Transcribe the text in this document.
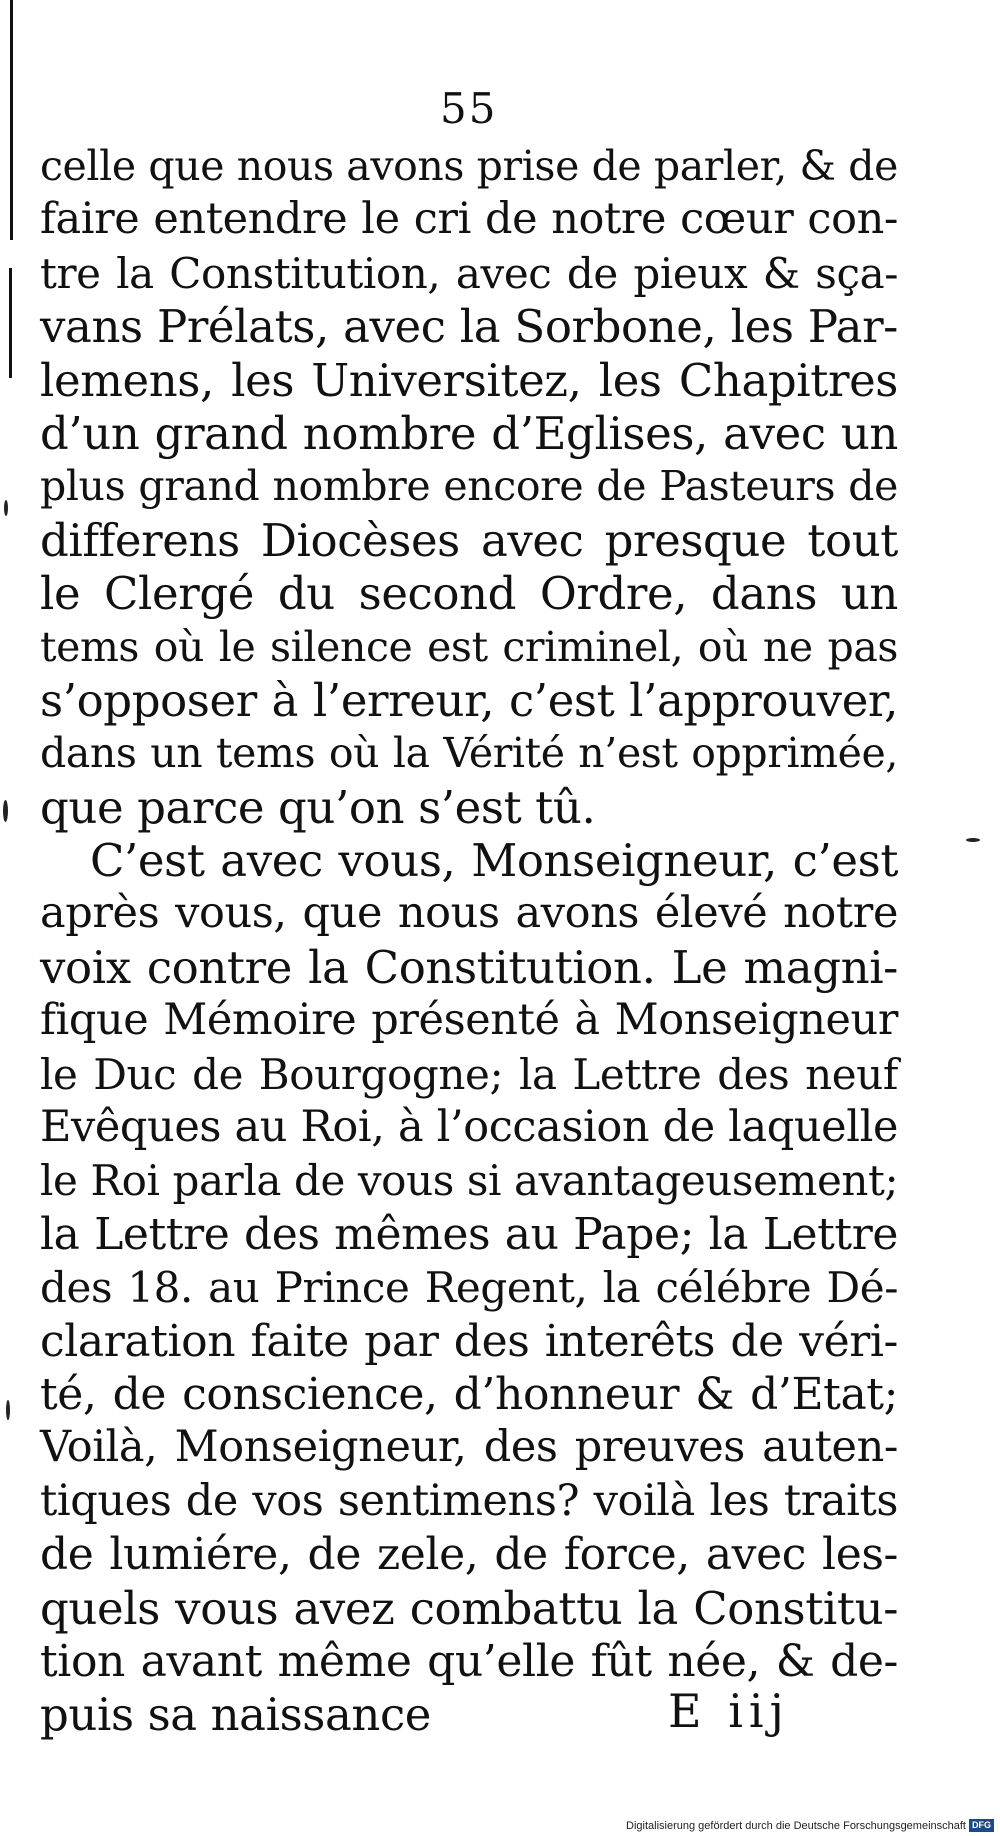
55
celle que nous avons prise de parler, & de
faire entendre le cri de notre cœur con-
tre la Constitution, avec de pieux & sça-
vans Prélats, avec la Sorbone, les Par-
lemens, les Universitez, les Chapitres
d’un grand nombre d’Eglises, avec un
plus grand nombre encore de Pasteurs de
differens Diocèses avec presque tout
le Clergé du second Ordre, dans un
tems où le silence est criminel, où ne pas
s’opposer à l’erreur, c’est l’approuver,
dans un tems où la Vérité n’est opprimée,
que parce qu’on s’est tû.
C’est avec vous, Monseigneur, c’est
après vous, que nous avons élevé notre
voix contre la Constitution. Le magni-
fique Mémoire présenté à Monseigneur
le Duc de Bourgogne; la Lettre des neuf
Evêques au Roi, à l’occasion de laquelle
le Roi parla de vous si avantageusement;
la Lettre des mêmes au Pape; la Lettre
des 18. au Prince Regent, la célébre Dé-
claration faite par des interêts de véri-
té, de conscience, d’honneur & d’Etat;
Voilà, Monseigneur, des preuves auten-
tiques de vos sentimens? voilà les traits
de lumiére, de zele, de force, avec les-
quels vous avez combattu la Constitu-
tion avant même qu’elle fût née, & de-
puis sa naissance	E iij
Digitalisierung gefördert durch die Deutsche Forschungsgemeinschaft DFG
